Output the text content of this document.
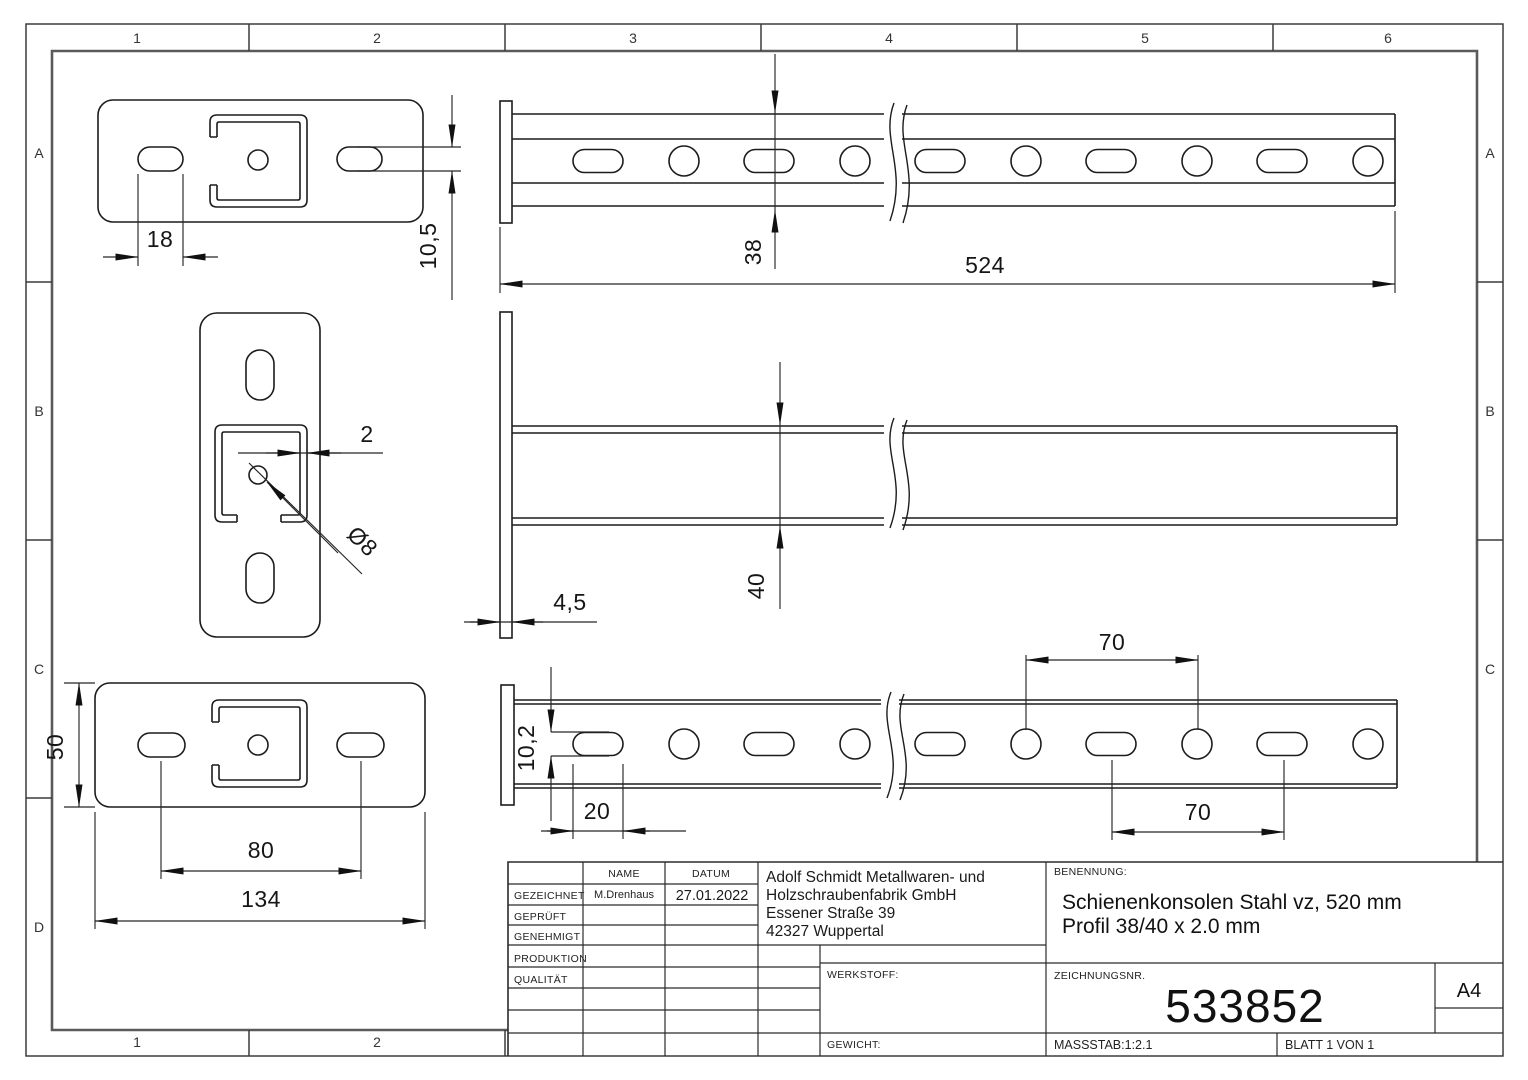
1	2	3	4	5	6
1	2
A
B
C
D
A
B
C
18	10,5
2
Ø8
50
80
134
38	524
40
4,5
10,2
20
70
70
NAME	DATUM
GEZEICHNET M.Drenhaus 27.01.2022
GEPRÜFT
GENEHMIGT
PRODUKTION
QUALITÄT
Adolf Schmidt Metallwaren- und
Holzschraubenfabrik GmbH
Essener Straße 39
42327 Wuppertal
BENENNUNG:
Schienenkonsolen Stahl vz, 520 mm
Profil 38/40 x 2.0 mm
WERKSTOFF:
GEWICHT:
ZEICHNUNGSNR.
533852	A4
MASSSTAB:1:2.1	BLATT 1 VON 1
